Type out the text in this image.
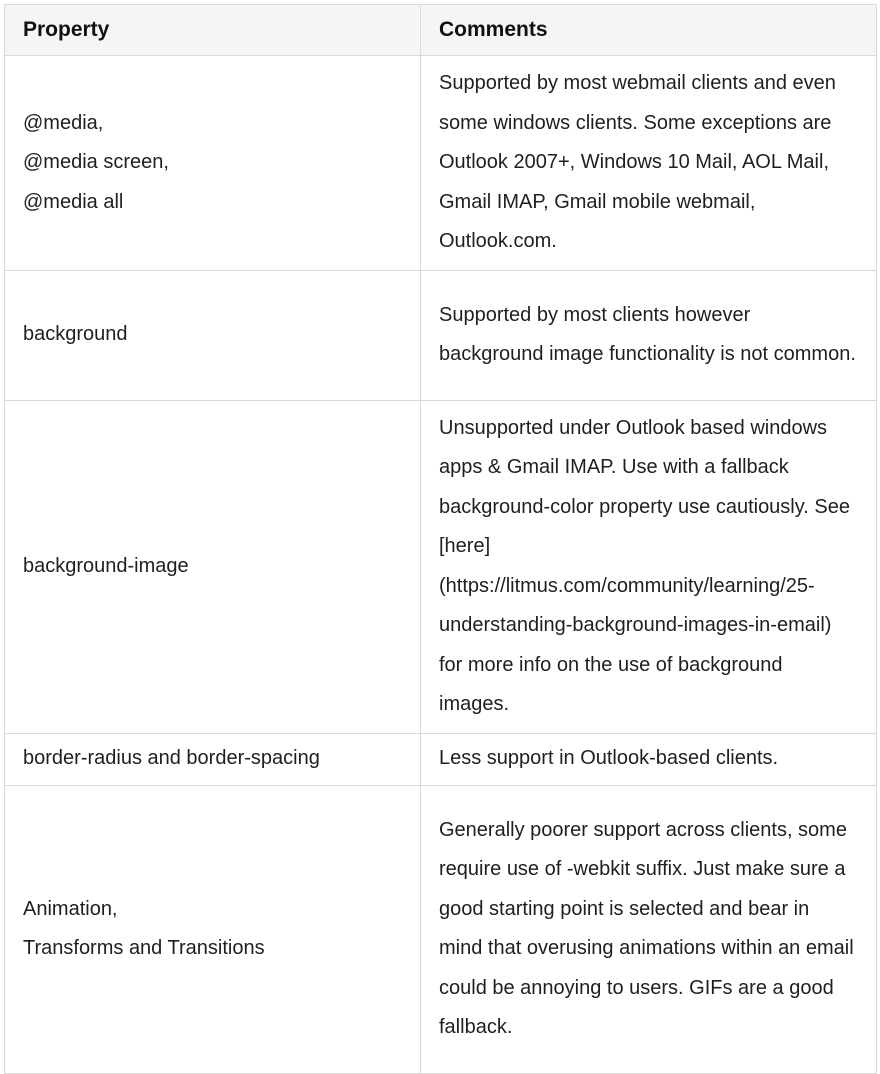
Property	Comments

@media,
@media screen,
@media all	Supported by most webmail clients and even some windows clients. Some exceptions are Outlook 2007+, Windows 10 Mail, AOL Mail, Gmail IMAP, Gmail mobile webmail, Outlook.com.

background	Supported by most clients however background image functionality is not common.

background-image	Unsupported under Outlook based windows apps & Gmail IMAP. Use with a fallback background-color property use cautiously. See [here](https://litmus.com/community/learning/25-understanding-background-images-in-email) for more info on the use of background images.

border-radius and border-spacing	Less support in Outlook-based clients.

Animation,
Transforms and Transitions	Generally poorer support across clients, some require use of -webkit suffix. Just make sure a good starting point is selected and bear in mind that overusing animations within an email could be annoying to users. GIFs are a good fallback.
